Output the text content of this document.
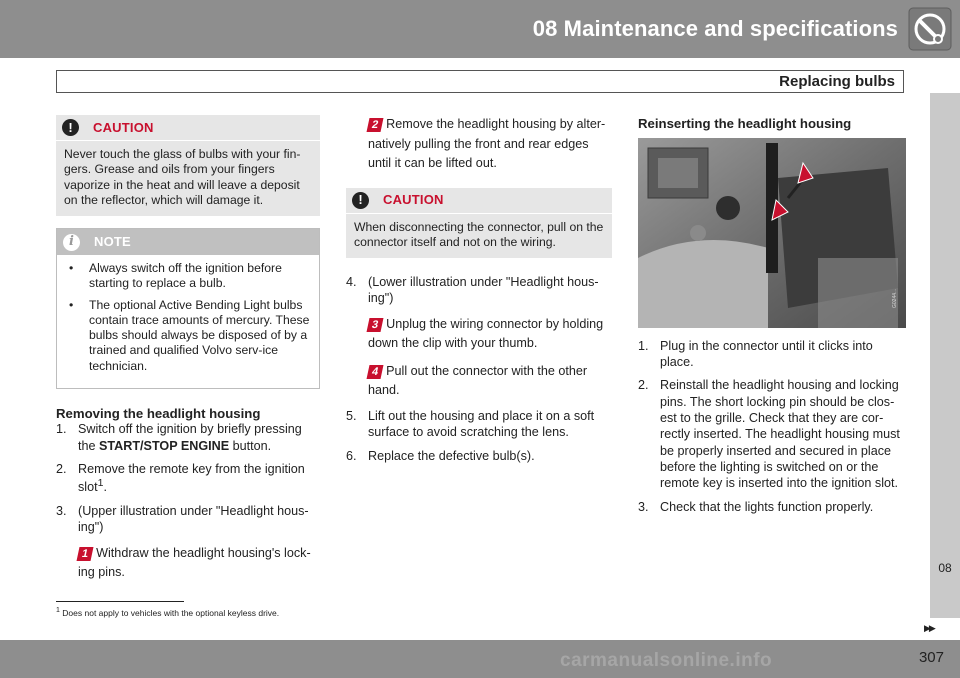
08 Maintenance and specifications
Replacing bulbs
!	CAUTION

Never touch the glass of bulbs with your fin-gers. Grease and oils from your fingers vaporize in the heat and will leave a deposit on the reflector, which will damage it.

i	NOTE
• Always switch off the ignition before starting to replace a bulb.
• The optional Active Bending Light bulbs contain trace amounts of mercury. These bulbs should always be disposed of by a trained and qualified Volvo serv-ice technician.
Removing the headlight housing
1. Switch off the ignition by briefly pressing the START/STOP ENGINE button.
2. Remove the remote key from the ignition slot$^1$.
3. (Upper illustration under "Headlight hous-ing")
1 Withdraw the headlight housing's lock-ing pins.
2 Remove the headlight housing by alter-natively pulling the front and rear edges until it can be lifted out.
!	CAUTION

When disconnecting the connector, pull on the connector itself and not on the wiring.

4. (Lower illustration under "Headlight hous-ing")
3 Unplug the wiring connector by holding down the clip with your thumb.
4 Pull out the connector with the other hand.
5. Lift out the housing and place it on a soft surface to avoid scratching the lens.
6. Replace the defective bulb(s).
Reinserting the headlight housing
G0244...
1. Plug in the connector until it clicks into place.
2. Reinstall the headlight housing and locking pins. The short locking pin should be clos-est to the grille. Check that they are cor-rectly inserted. The headlight housing must be properly inserted and secured in place before the lighting is switched on or the remote key is inserted into the ignition slot.
3. Check that the lights function properly.
08
▶▶
$^1$ Does not apply to vehicles with the optional keyless drive.
carmanualsonline.info	307
